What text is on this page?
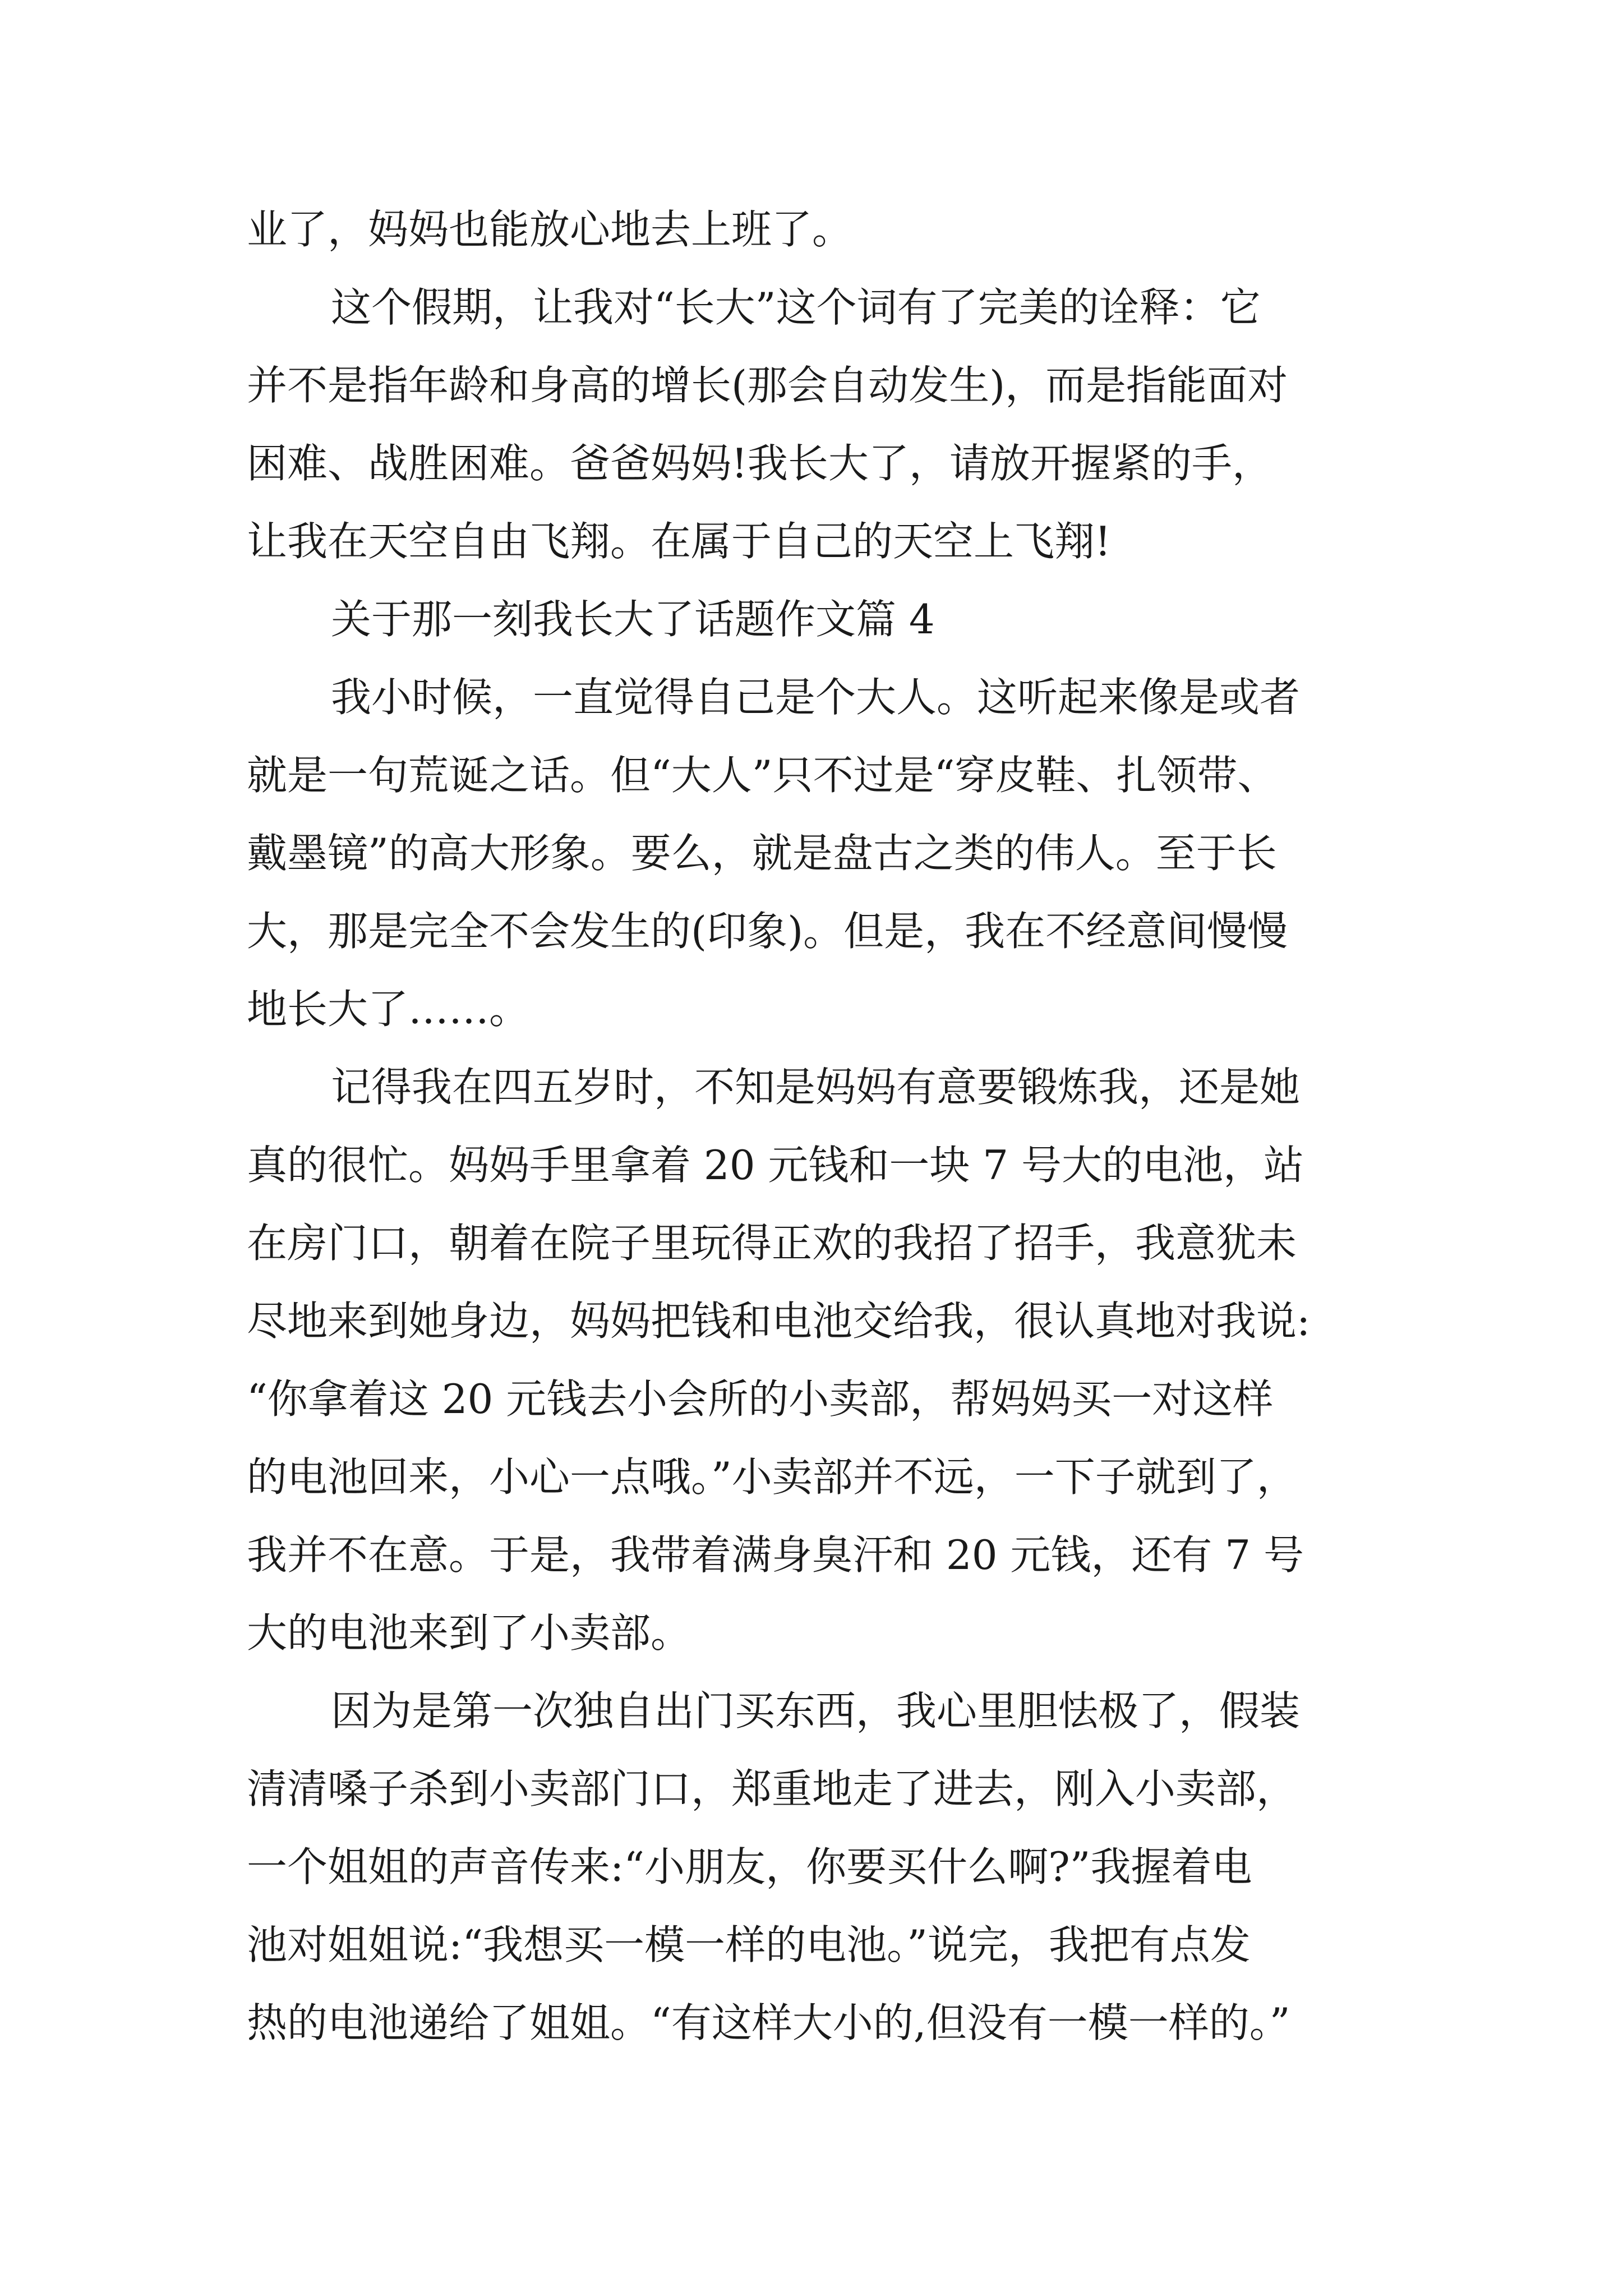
业了，妈妈也能放心地去上班了。
这个假期，让我对“长大”这个词有了完美的诠释：它
并不是指年龄和身高的增长(那会自动发生)，而是指能面对
困难、战胜困难。爸爸妈妈!我长大了，请放开握紧的手，
让我在天空自由飞翔。在属于自己的天空上飞翔!
关于那一刻我长大了话题作文篇 4
我小时候，一直觉得自己是个大人。这听起来像是或者
就是一句荒诞之话。但“大人”只不过是“穿皮鞋、扎领带、
戴墨镜”的高大形象。要么，就是盘古之类的伟人。至于长
大，那是完全不会发生的(印象)。但是，我在不经意间慢慢
地长大了……。
记得我在四五岁时，不知是妈妈有意要锻炼我，还是她
真的很忙。妈妈手里拿着 20 元钱和一块 7 号大的电池，站
在房门口，朝着在院子里玩得正欢的我招了招手，我意犹未
尽地来到她身边，妈妈把钱和电池交给我，很认真地对我说:
“你拿着这 20 元钱去小会所的小卖部，帮妈妈买一对这样
的电池回来，小心一点哦。”小卖部并不远，一下子就到了，
我并不在意。于是，我带着满身臭汗和 20 元钱，还有 7 号
大的电池来到了小卖部。
因为是第一次独自出门买东西，我心里胆怯极了，假装
清清嗓子杀到小卖部门口，郑重地走了进去，刚入小卖部，
一个姐姐的声音传来:“小朋友，你要买什么啊?”我握着电
池对姐姐说:“我想买一模一样的电池。”说完，我把有点发
热的电池递给了姐姐。“有这样大小的,但没有一模一样的。”
